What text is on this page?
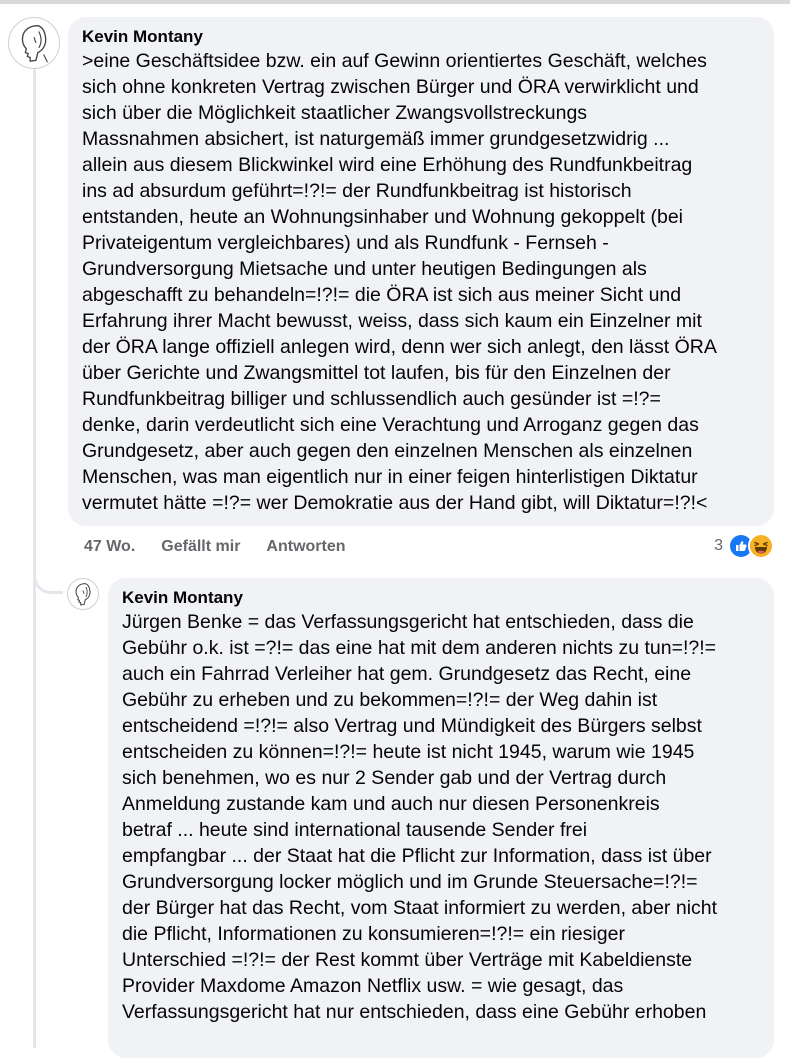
Kevin Montany
>eine Geschäftsidee bzw. ein auf Gewinn orientiertes Geschäft, welches
sich ohne konkreten Vertrag zwischen Bürger und ÖRA verwirklicht und
sich über die Möglichkeit staatlicher Zwangsvollstreckungs
Massnahmen absichert, ist naturgemäß immer grundgesetzwidrig ...
allein aus diesem Blickwinkel wird eine Erhöhung des Rundfunkbeitrag
ins ad absurdum geführt=!?!= der Rundfunkbeitrag ist historisch
entstanden, heute an Wohnungsinhaber und Wohnung gekoppelt (bei
Privateigentum vergleichbares) und als Rundfunk - Fernseh -
Grundversorgung Mietsache und unter heutigen Bedingungen als
abgeschafft zu behandeln=!?!= die ÖRA ist sich aus meiner Sicht und
Erfahrung ihrer Macht bewusst, weiss, dass sich kaum ein Einzelner mit
der ÖRA lange offiziell anlegen wird, denn wer sich anlegt, den lässt ÖRA
über Gerichte und Zwangsmittel tot laufen, bis für den Einzelnen der
Rundfunkbeitrag billiger und schlussendlich auch gesünder ist =!?=
denke, darin verdeutlicht sich eine Verachtung und Arroganz gegen das
Grundgesetz, aber auch gegen den einzelnen Menschen als einzelnen
Menschen, was man eigentlich nur in einer feigen hinterlistigen Diktatur
vermutet hätte =!?= wer Demokratie aus der Hand gibt, will Diktatur=!?!<
47 Wo. Gefällt mir Antworten	3
Kevin Montany
Jürgen Benke = das Verfassungsgericht hat entschieden, dass die
Gebühr o.k. ist =?!= das eine hat mit dem anderen nichts zu tun=!?!=
auch ein Fahrrad Verleiher hat gem. Grundgesetz das Recht, eine
Gebühr zu erheben und zu bekommen=!?!= der Weg dahin ist
entscheidend =!?!= also Vertrag und Mündigkeit des Bürgers selbst
entscheiden zu können=!?!= heute ist nicht 1945, warum wie 1945
sich benehmen, wo es nur 2 Sender gab und der Vertrag durch
Anmeldung zustande kam und auch nur diesen Personenkreis
betraf ... heute sind international tausende Sender frei
empfangbar ... der Staat hat die Pflicht zur Information, dass ist über
Grundversorgung locker möglich und im Grunde Steuersache=!?!=
der Bürger hat das Recht, vom Staat informiert zu werden, aber nicht
die Pflicht, Informationen zu konsumieren=!?!= ein riesiger
Unterschied =!?!= der Rest kommt über Verträge mit Kabeldienste
Provider Maxdome Amazon Netflix usw. = wie gesagt, das
Verfassungsgericht hat nur entschieden, dass eine Gebühr erhoben
